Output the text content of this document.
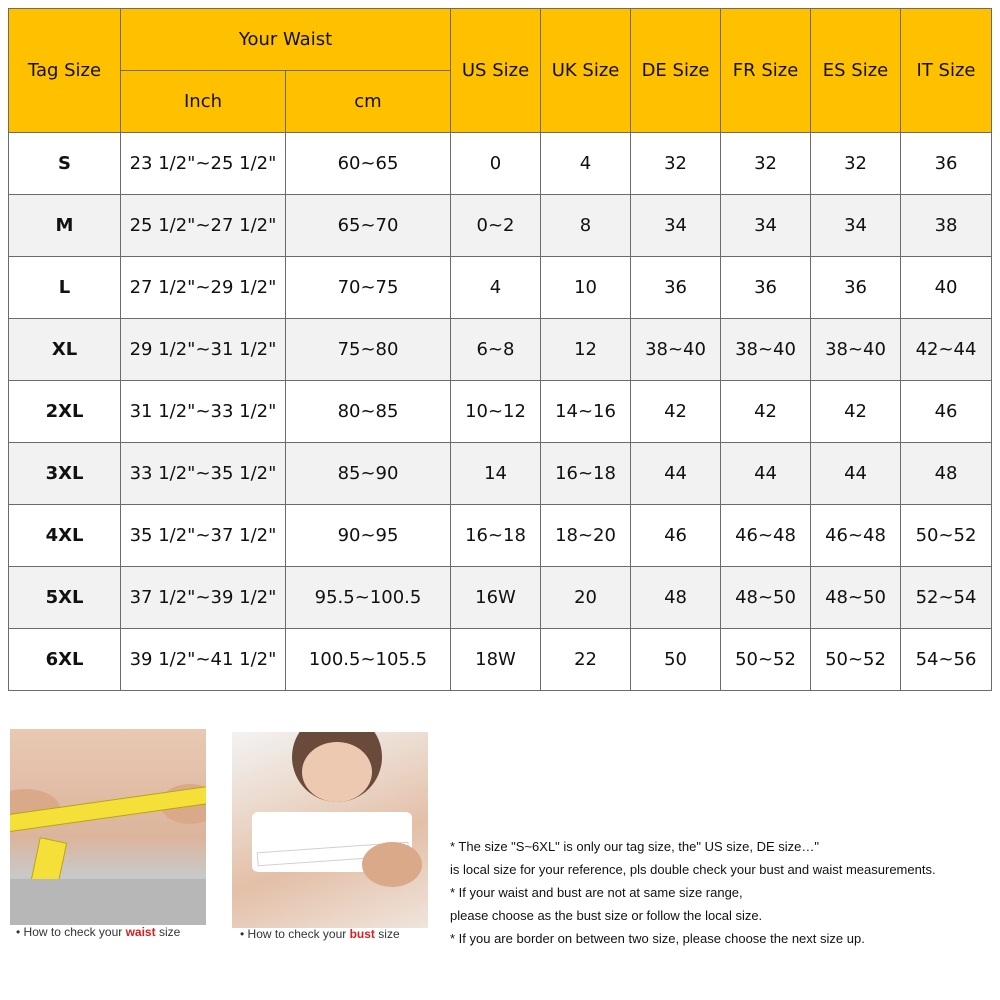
Tag Size	Your Waist		US Size	UK Size	DE Size	FR Size	ES Size	IT Size
	Inch	cm						
S	23 1/2"~25 1/2"	60~65	0	4	32	32	32	36
M	25 1/2"~27 1/2"	65~70	0~2	8	34	34	34	38
L	27 1/2"~29 1/2"	70~75	4	10	36	36	36	40
XL	29 1/2"~31 1/2"	75~80	6~8	12	38~40	38~40	38~40	42~44
2XL	31 1/2"~33 1/2"	80~85	10~12	14~16	42	42	42	46
3XL	33 1/2"~35 1/2"	85~90	14	16~18	44	44	44	48
4XL	35 1/2"~37 1/2"	90~95	16~18	18~20	46	46~48	46~48	50~52
5XL	37 1/2"~39 1/2"	95.5~100.5	16W	20	48	48~50	48~50	52~54
6XL	39 1/2"~41 1/2"	100.5~105.5	18W	22	50	50~52	50~52	54~56
• How to check your waist size	• How to check your bust size
* The size "S~6XL" is only our tag size, the" US size, DE size…"
is local size for your reference, pls double check your bust and waist measurements.
* If your waist and bust are not at same size range,
please choose as the bust size or follow the local size.
* If you are border on between two size, please choose the next size up.
